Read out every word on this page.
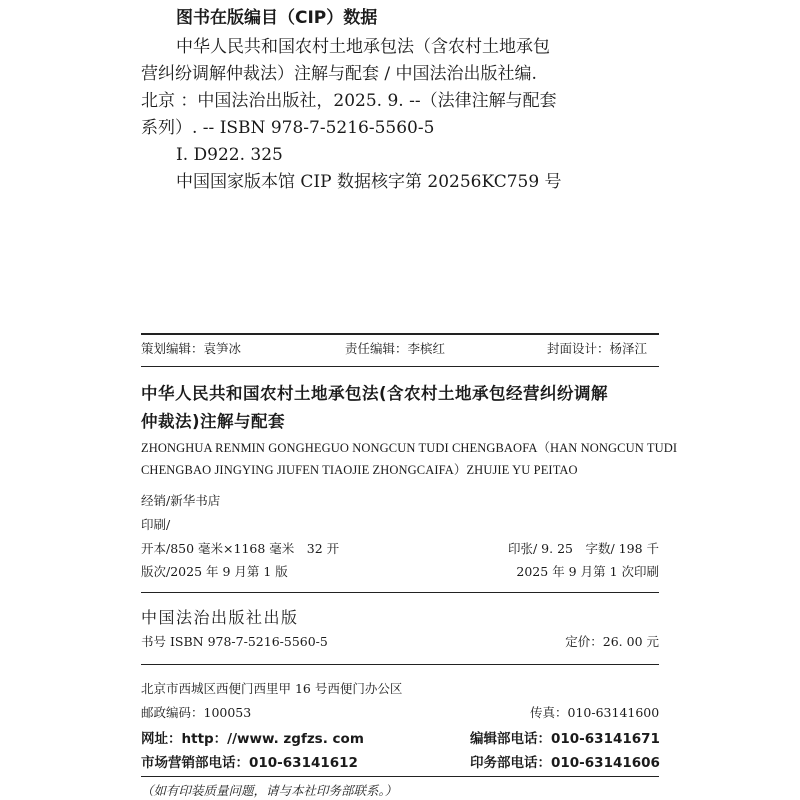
图书在版编目（CIP）数据
中华人民共和国农村土地承包法（含农村土地承包
营纠纷调解仲裁法）注解与配套 / 中国法治出版社编.
北京 ：中国法治出版社，2025. 9. --（法律注解与配套
系列）. -- ISBN 978-7-5216-5560-5
Ⅰ. D922. 325
中国国家版本馆 CIP 数据核字第 20256KC759 号
策划编辑：袁笋冰	责任编辑：李槟红	封面设计：杨泽江
中华人民共和国农村土地承包法(含农村土地承包经营纠纷调解
仲裁法)注解与配套
ZHONGHUA RENMIN GONGHEGUO NONGCUN TUDI CHENGBAOFA（HAN NONGCUN TUDI
CHENGBAO JINGYING JIUFEN TIAOJIE ZHONGCAIFA）ZHUJIE YU PEITAO
经销/新华书店
印刷/
开本/850 毫米×1168 毫米　32 开	印张/ 9. 25　字数/ 198 千
版次/2025 年 9 月第 1 版	2025 年 9 月第 1 次印刷
中国法治出版社出版
书号 ISBN 978-7-5216-5560-5	定价：26. 00 元
北京市西城区西便门西里甲 16 号西便门办公区
邮政编码：100053	传真：010-63141600
网址：http：//www. zgfzs. com	编辑部电话：010-63141671
市场营销部电话：010-63141612	印务部电话：010-63141606
（如有印装质量问题，请与本社印务部联系。）
